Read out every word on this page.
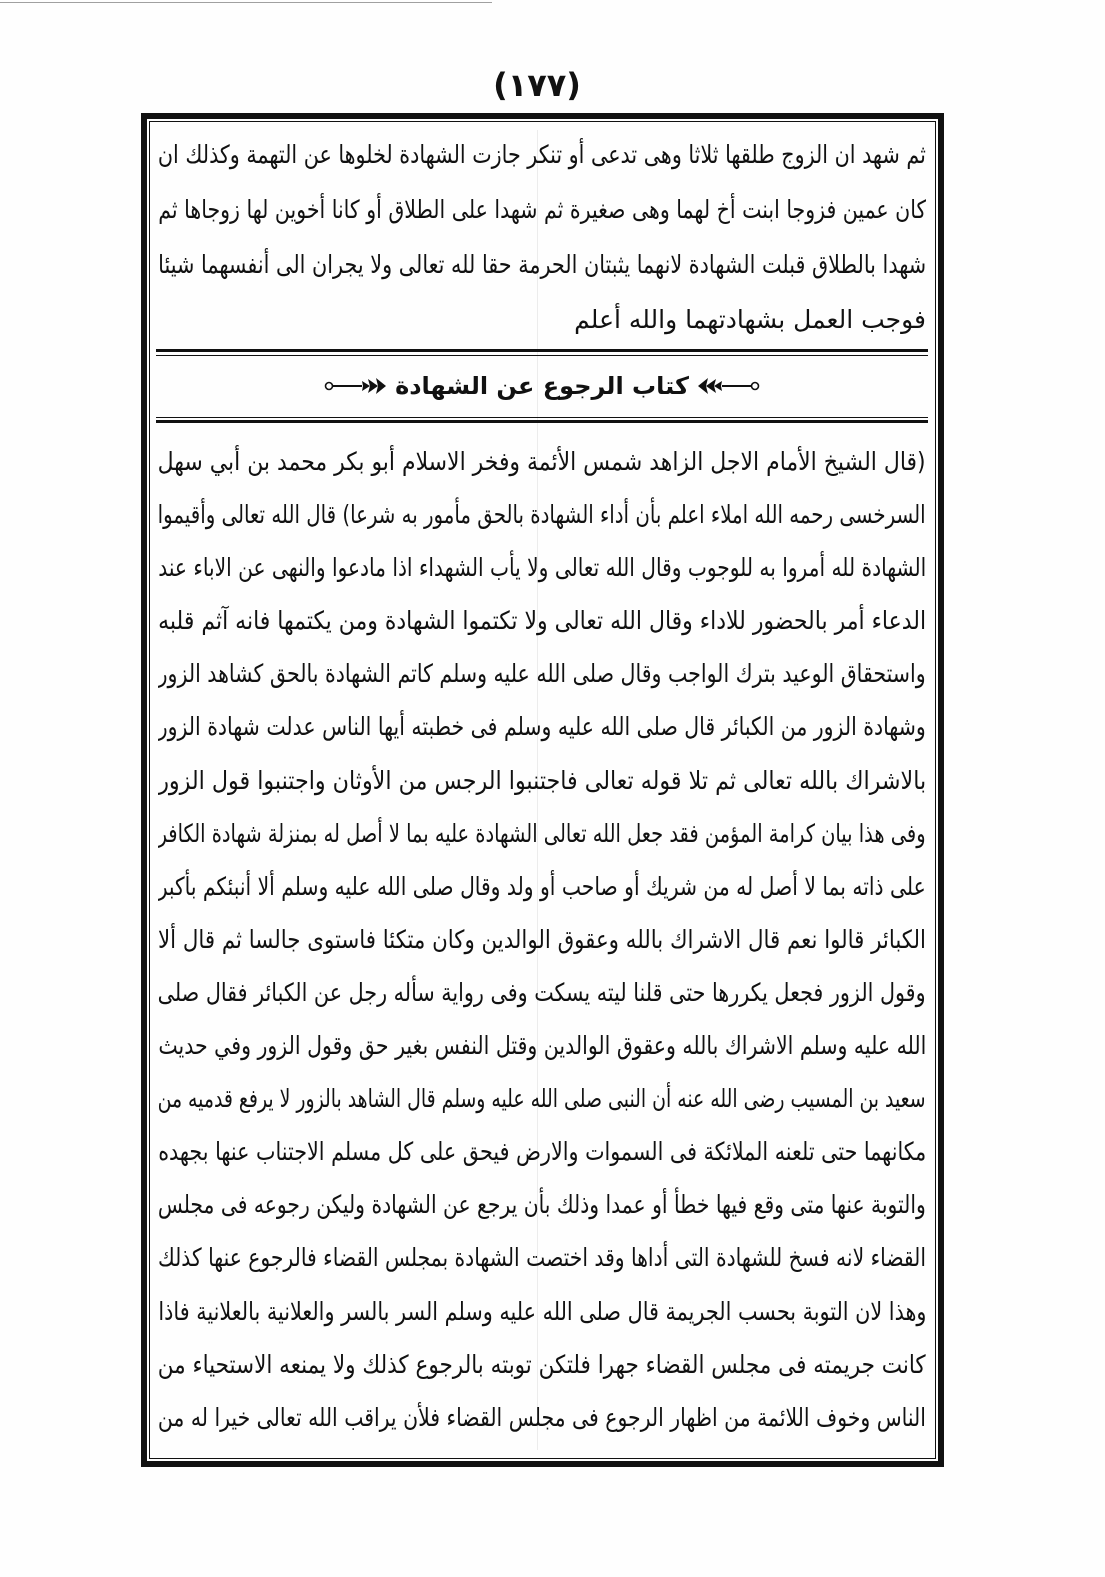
(١٧٧)
ثم شهد ان الزوج طلقها ثلاثا وهى تدعى أو تنكر جازت الشهادة لخلوها عن التهمة وكذلك ان
كان عمين فزوجا ابنت أخ لهما وهى صغيرة ثم شهدا على الطلاق أو كانا أخوين لها زوجاها ثم
شهدا بالطلاق قبلت الشهادة لانهما يثبتان الحرمة حقا لله تعالى ولا يجران الى أنفسهما شيئا
فوجب العمل بشهادتهما والله أعلم
كتاب الرجوع عن الشهادة
(قال الشيخ الأمام الاجل الزاهد شمس الأئمة وفخر الاسلام أبو بكر محمد بن أبي سهل
السرخسى رحمه الله املاء اعلم بأن أداء الشهادة بالحق مأمور به شرعا) قال الله تعالى وأقيموا
الشهادة لله أمروا به للوجوب وقال الله تعالى ولا يأب الشهداء اذا مادعوا والنهى عن الاباء عند
الدعاء أمر بالحضور للاداء وقال الله تعالى ولا تكتموا الشهادة ومن يكتمها فانه آثم قلبه
واستحقاق الوعيد بترك الواجب وقال صلى الله عليه وسلم كاتم الشهادة بالحق كشاهد الزور
وشهادة الزور من الكبائر قال صلى الله عليه وسلم فى خطبته أيها الناس عدلت شهادة الزور
بالاشراك بالله تعالى ثم تلا قوله تعالى فاجتنبوا الرجس من الأوثان واجتنبوا قول الزور
وفى هذا بيان كرامة المؤمن فقد جعل الله تعالى الشهادة عليه بما لا أصل له بمنزلة شهادة الكافر
على ذاته بما لا أصل له من شريك أو صاحب أو ولد وقال صلى الله عليه وسلم ألا أنبئكم بأكبر
الكبائر قالوا نعم قال الاشراك بالله وعقوق الوالدين وكان متكئا فاستوى جالسا ثم قال ألا
وقول الزور فجعل يكررها حتى قلنا ليته يسكت وفى رواية سأله رجل عن الكبائر فقال صلى
الله عليه وسلم الاشراك بالله وعقوق الوالدين وقتل النفس بغير حق وقول الزور وفي حديث
سعيد بن المسيب رضى الله عنه أن النبى صلى الله عليه وسلم قال الشاهد بالزور لا يرفع قدميه من
مكانهما حتى تلعنه الملائكة فى السموات والارض فيحق على كل مسلم الاجتناب عنها بجهده
والتوبة عنها متى وقع فيها خطأ أو عمدا وذلك بأن يرجع عن الشهادة وليكن رجوعه فى مجلس
القضاء لانه فسخ للشهادة التى أداها وقد اختصت الشهادة بمجلس القضاء فالرجوع عنها كذلك
وهذا لان التوبة بحسب الجريمة قال صلى الله عليه وسلم السر بالسر والعلانية بالعلانية فاذا
كانت جريمته فى مجلس القضاء جهرا فلتكن توبته بالرجوع كذلك ولا يمنعه الاستحياء من
الناس وخوف اللائمة من اظهار الرجوع فى مجلس القضاء فلأن يراقب الله تعالى خيرا له من
